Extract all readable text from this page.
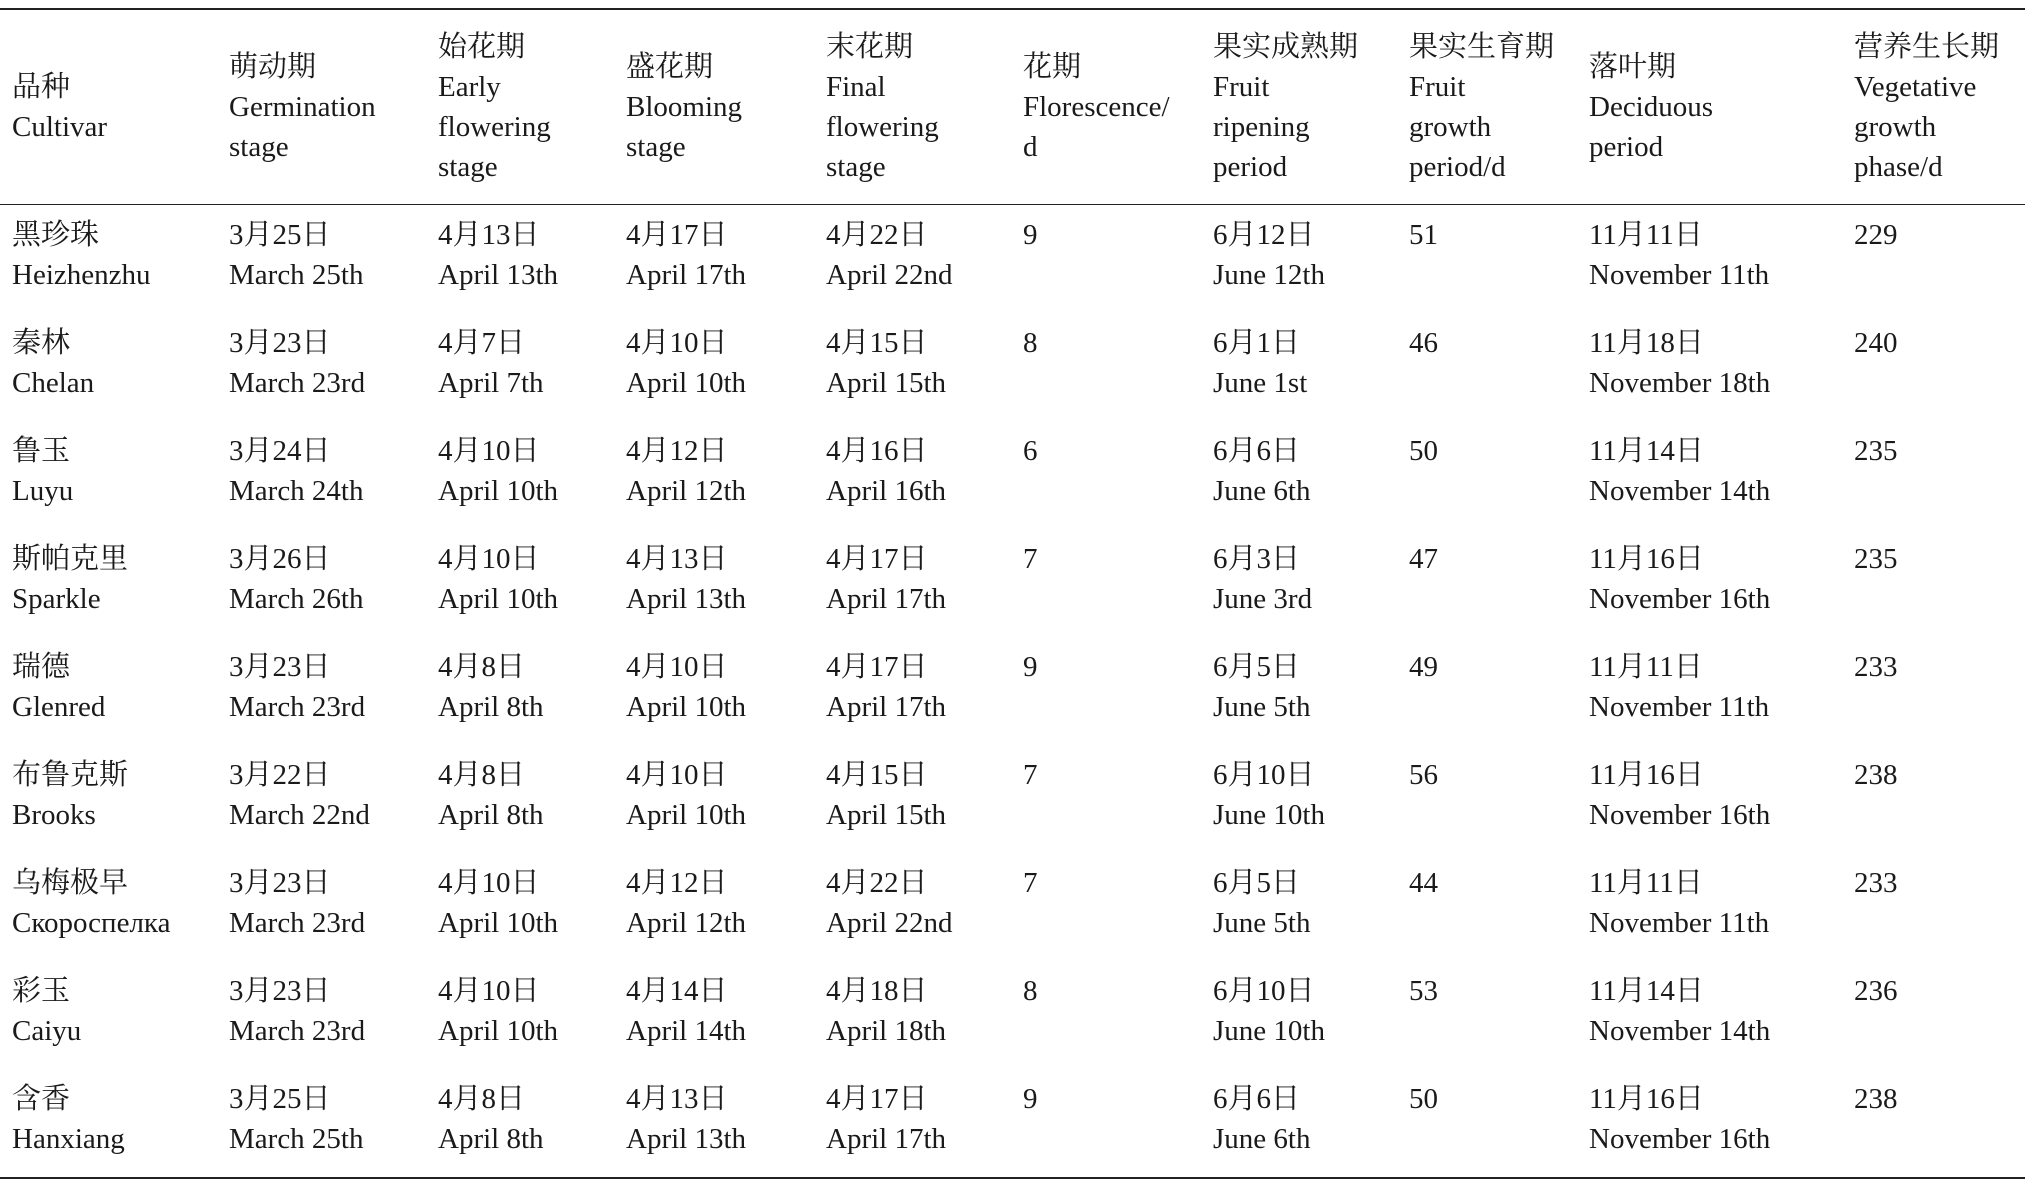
品种
Cultivar	萌动期
Germination
stage	始花期
Early
flowering
stage	盛花期
Blooming
stage	末花期
Final
flowering
stage	花期
Florescence/
d	果实成熟期
Fruit
ripening
period	果实生育期
Fruit
growth
period/d	落叶期
Deciduous
period	营养生长期
Vegetative
growth
phase/d

黑珍珠
Heizhenzhu	3月25日
March 25th	4月13日
April 13th	4月17日
April 17th	4月22日
April 22nd	9	6月12日
June 12th	51	11月11日
November 11th	229

秦林
Chelan	3月23日
March 23rd	4月7日
April 7th	4月10日
April 10th	4月15日
April 15th	8	6月1日
June 1st	46	11月18日
November 18th	240

鲁玉
Luyu	3月24日
March 24th	4月10日
April 10th	4月12日
April 12th	4月16日
April 16th	6	6月6日
June 6th	50	11月14日
November 14th	235

斯帕克里
Sparkle	3月26日
March 26th	4月10日
April 10th	4月13日
April 13th	4月17日
April 17th	7	6月3日
June 3rd	47	11月16日
November 16th	235

瑞德
Glenred	3月23日
March 23rd	4月8日
April 8th	4月10日
April 10th	4月17日
April 17th	9	6月5日
June 5th	49	11月11日
November 11th	233

布鲁克斯
Brooks	3月22日
March 22nd	4月8日
April 8th	4月10日
April 10th	4月15日
April 15th	7	6月10日
June 10th	56	11月16日
November 16th	238

乌梅极早
Скороспелка	3月23日
March 23rd	4月10日
April 10th	4月12日
April 12th	4月22日
April 22nd	7	6月5日
June 5th	44	11月11日
November 11th	233

彩玉
Caiyu	3月23日
March 23rd	4月10日
April 10th	4月14日
April 14th	4月18日
April 18th	8	6月10日
June 10th	53	11月14日
November 14th	236

含香
Hanxiang	3月25日
March 25th	4月8日
April 8th	4月13日
April 13th	4月17日
April 17th	9	6月6日
June 6th	50	11月16日
November 16th	238
